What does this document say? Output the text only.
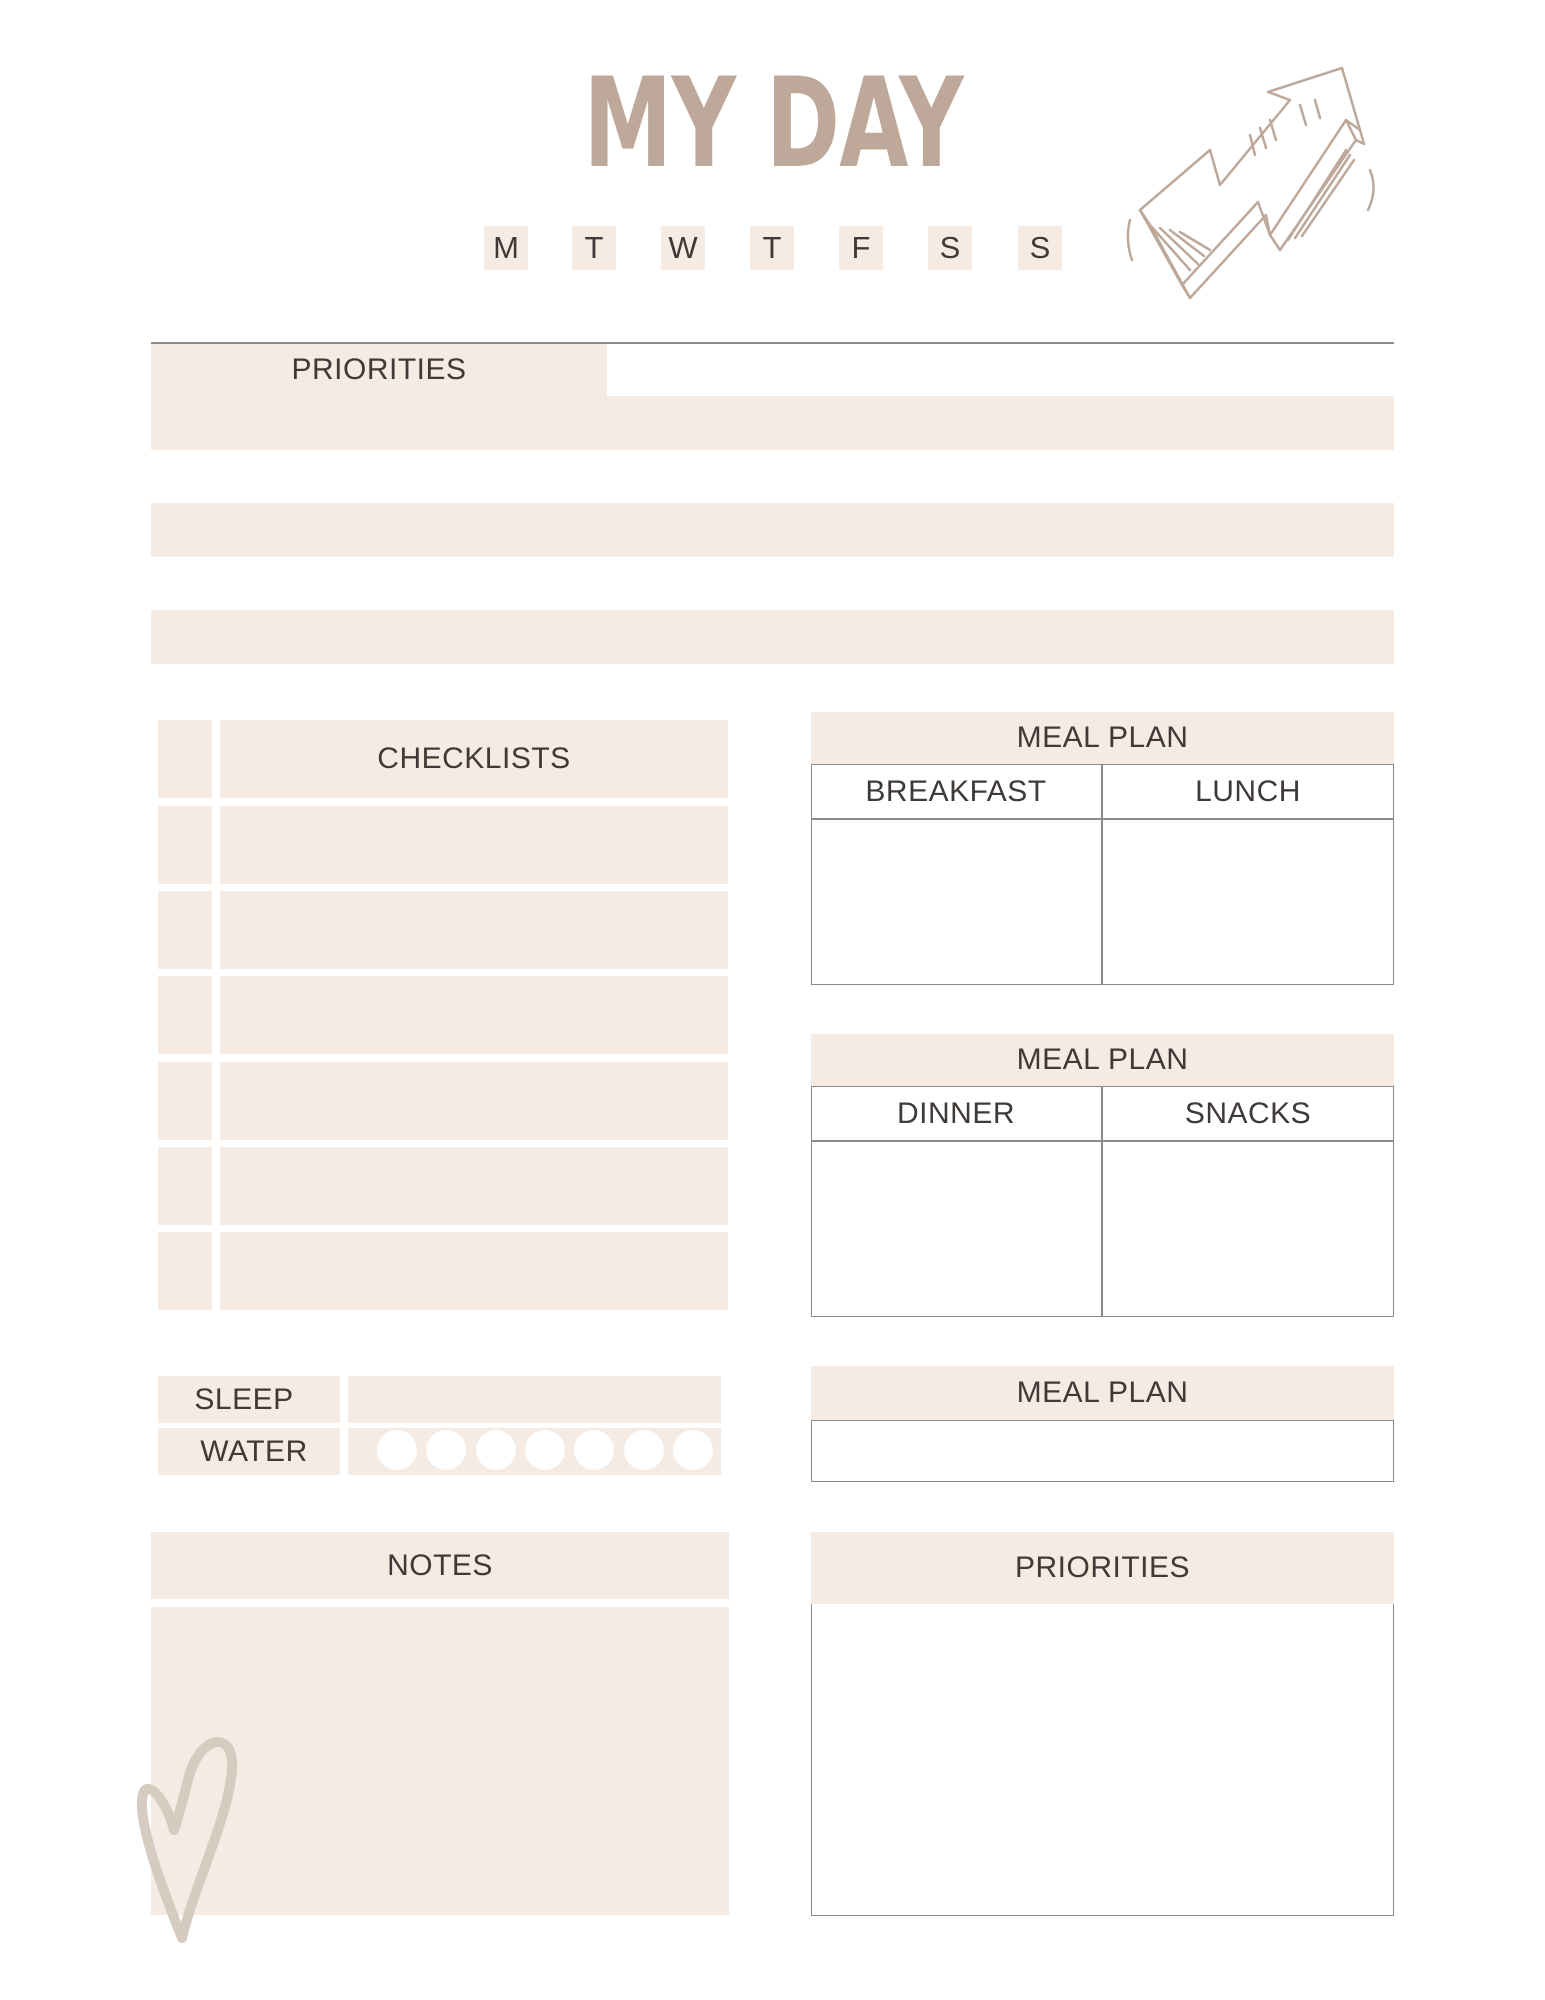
MY DAY
M	T	W	T	F	S	S
PRIORITIES
CHECKLISTS
MEAL PLAN
BREAKFAST	LUNCH
MEAL PLAN
DINNER	SNACKS
SLEEP
WATER
MEAL PLAN
NOTES	PRIORITIES
